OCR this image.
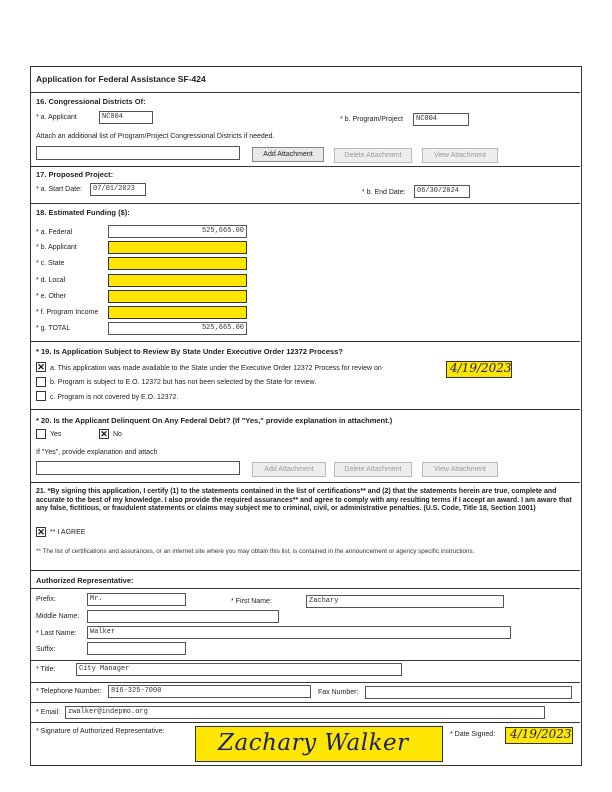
Application for Federal Assistance SF-424
16. Congressional Districts Of:
* a. Applicant	NC004	* b. Program/Project	NC004
Attach an additional list of Program/Project Congressional Districts if needed.
Add Attachment	Delete Attachment	View Attachment
17. Proposed Project:
* a. Start Date:	07/01/2023	* b. End Date:	06/30/2024
18. Estimated Funding ($):
* a. Federal	525,665.00
* b. Applicant
* c. State
* d. Local
* e. Other
* f. Program Income
* g. TOTAL	525,665.00
* 19. Is Application Subject to Review By State Under Executive Order 12372 Process?
✕ a. This application was made available to the State under the Executive Order 12372 Process for review on	4/19/2023
b. Program is subject to E.O. 12372 but has not been selected by the State for review.
c. Program is not covered by E.O. 12372.
* 20. Is the Applicant Delinquent On Any Federal Debt? (If "Yes," provide explanation in attachment.)
Yes	✕ No
If "Yes", provide explanation and attach
Add Attachment	Delete Attachment	View Attachment
21. *By signing this application, I certify (1) to the statements contained in the list of certifications** and (2) that the statements herein are true, complete and accurate to the best of my knowledge. I also provide the required assurances** and agree to comply with any resulting terms if I accept an award. I am aware that any false, fictitious, or fraudulent statements or claims may subject me to criminal, civil, or administrative penalties. (U.S. Code, Title 18, Section 1001)
✕ ** I AGREE
** The list of certifications and assurances, or an internet site where you may obtain this list, is contained in the announcement or agency specific instructions.
Authorized Representative:
Prefix:	Mr.	* First Name:	Zachary
Middle Name:
* Last Name:	Walker
Suffix:
* Title:	City Manager
* Telephone Number:	816-325-7000	Fax Number:
* Email:	zwalker@indepmo.org
* Signature of Authorized Representative: Zachary Walker	* Date Signed: 4/19/2023
